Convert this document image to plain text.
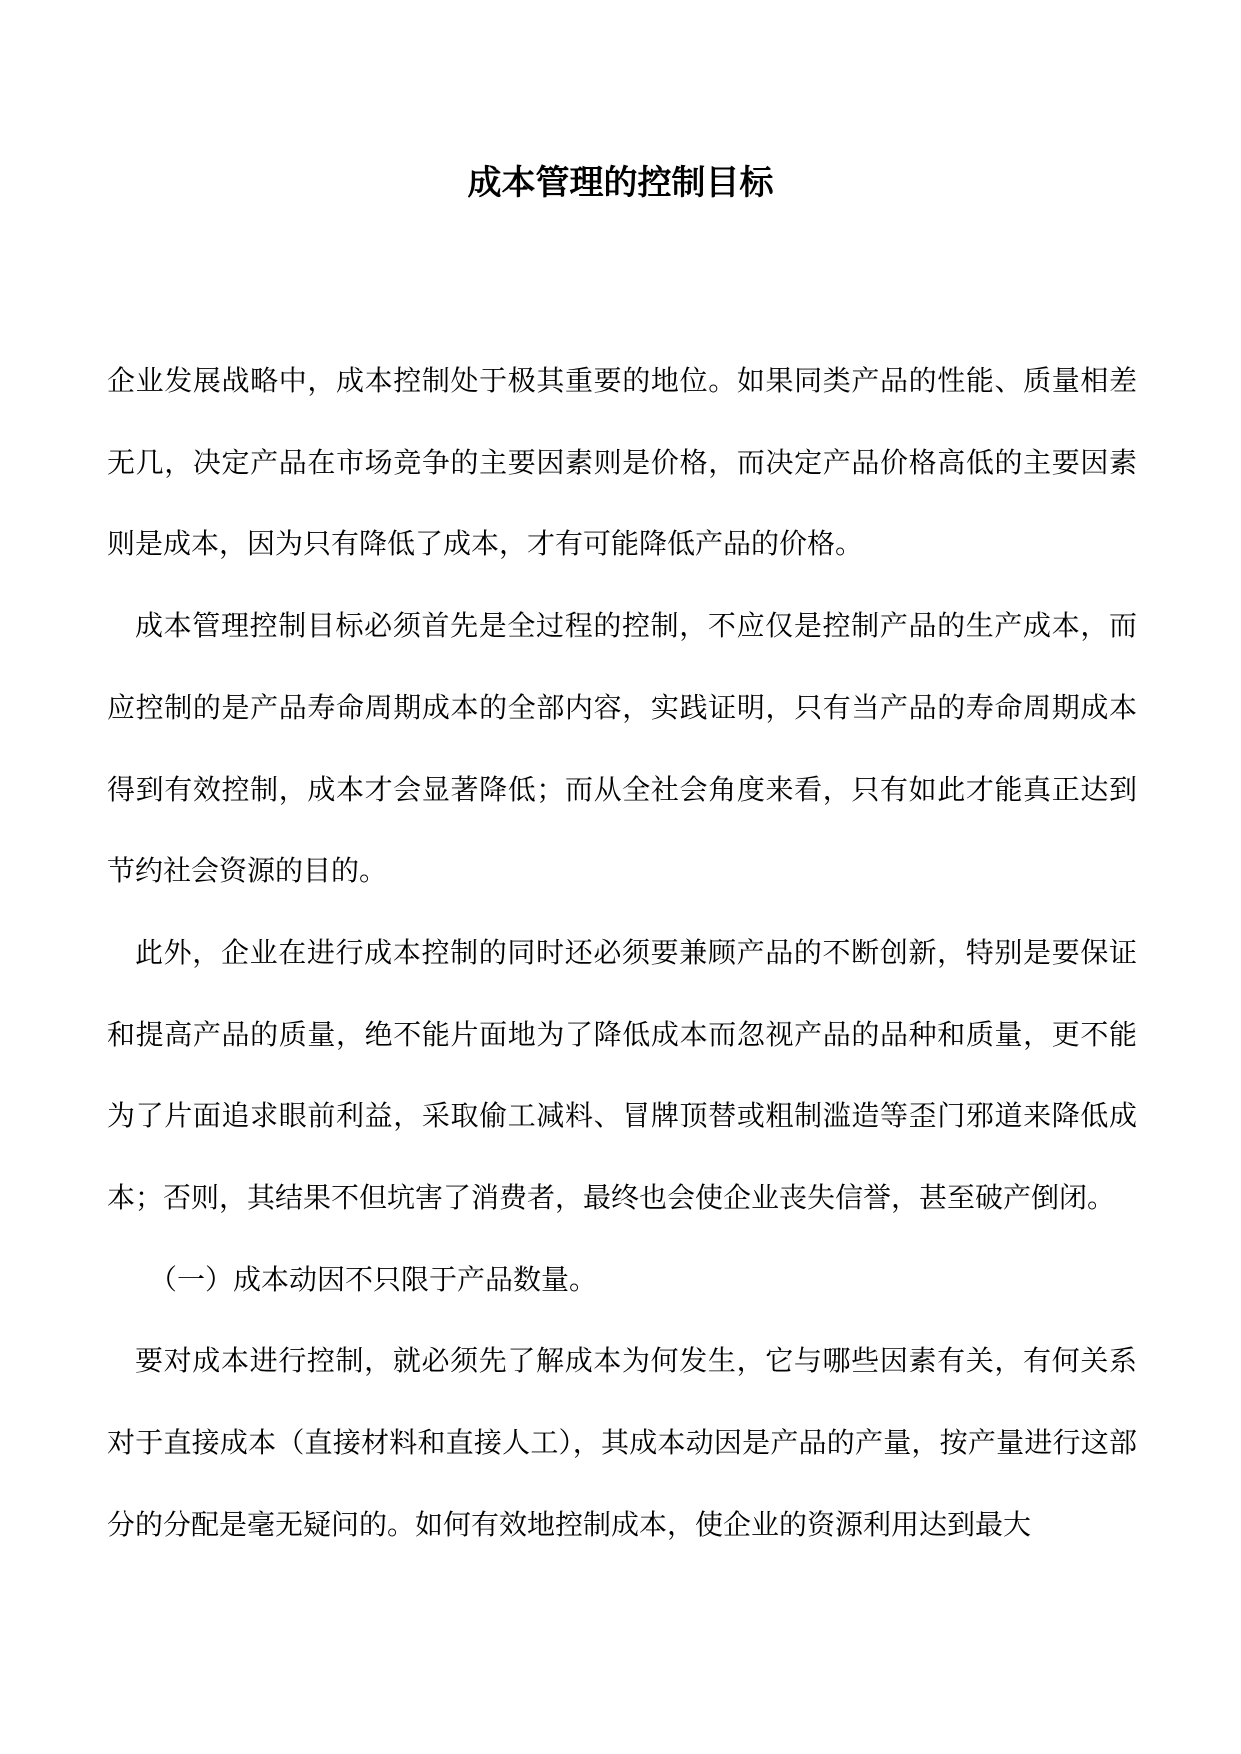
成本管理的控制目标

企业发展战略中，成本控制处于极其重要的地位。如果同类产品的性能、质量相差无几，决定产品在市场竞争的主要因素则是价格，而决定产品价格高低的主要因素则是成本，因为只有降低了成本，才有可能降低产品的价格。

成本管理控制目标必须首先是全过程的控制，不应仅是控制产品的生产成本，而应控制的是产品寿命周期成本的全部内容，实践证明，只有当产品的寿命周期成本得到有效控制，成本才会显著降低；而从全社会角度来看，只有如此才能真正达到节约社会资源的目的。

此外，企业在进行成本控制的同时还必须要兼顾产品的不断创新，特别是要保证和提高产品的质量，绝不能片面地为了降低成本而忽视产品的品种和质量，更不能为了片面追求眼前利益，采取偷工减料、冒牌顶替或粗制滥造等歪门邪道来降低成本；否则，其结果不但坑害了消费者，最终也会使企业丧失信誉，甚至破产倒闭。

（一）成本动因不只限于产品数量。

要对成本进行控制，就必须先了解成本为何发生，它与哪些因素有关，有何关系对于直接成本（直接材料和直接人工），其成本动因是产品的产量，按产量进行这部分的分配是毫无疑问的。如何有效地控制成本，使企业的资源利用达到最大
